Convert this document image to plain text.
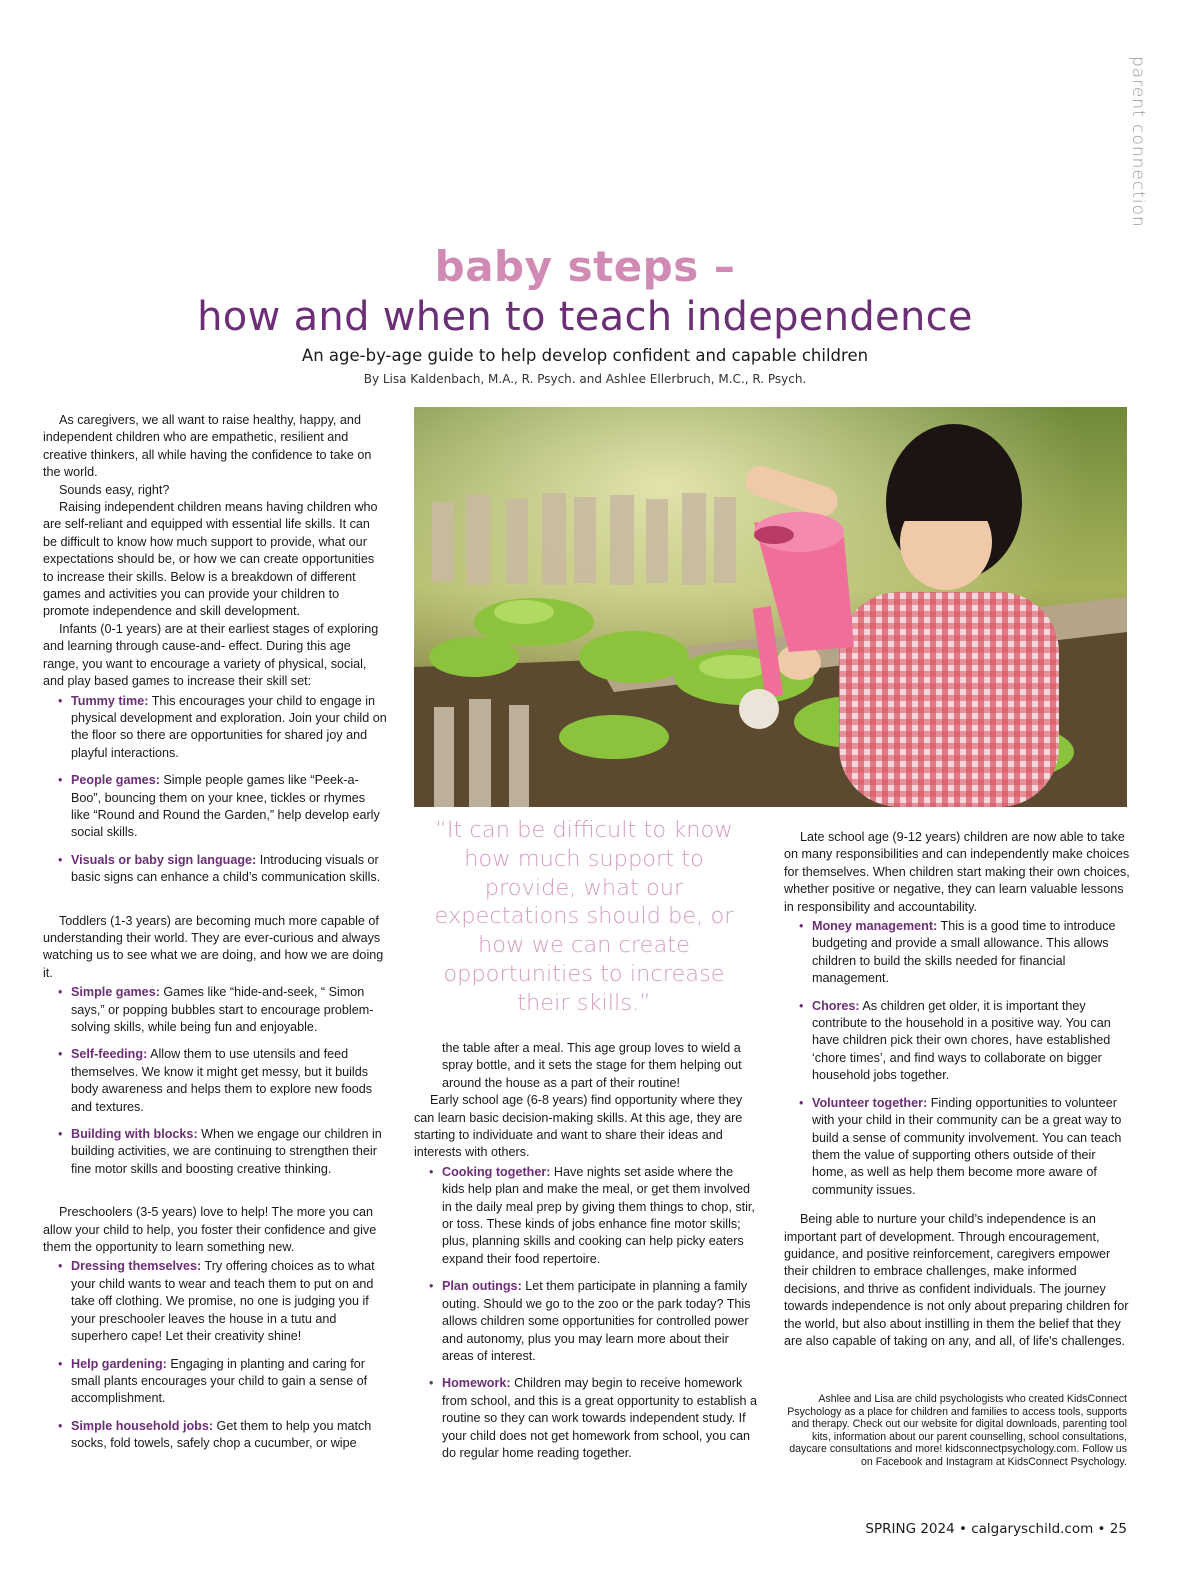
parent connection
baby steps –
how and when to teach independence
An age-by-age guide to help develop confident and capable children
By Lisa Kaldenbach, M.A., R. Psych. and Ashlee Ellerbruch, M.C., R. Psych.

As caregivers, we all want to raise healthy, happy, and independent children who are empathetic, resilient and creative thinkers, all while having the confidence to take on the world.

Sounds easy, right?

Raising independent children means having children who are self-reliant and equipped with essential life skills. It can be difficult to know how much support to provide, what our expectations should be, or how we can create opportunities to increase their skills. Below is a breakdown of different games and activities you can provide your children to promote independence and skill development.

Infants (0-1 years) are at their earliest stages of exploring and learning through cause-and- effect. During this age range, you want to encourage a variety of physical, social, and play based games to increase their skill set:

• Tummy time: This encourages your child to engage in physical development and exploration. Join your child on the floor so there are opportunities for shared joy and playful interactions.
• People games: Simple people games like “Peek-a-Boo”, bouncing them on your knee, tickles or rhymes like “Round and Round the Garden,” help develop early social skills.
• Visuals or baby sign language: Introducing visuals or basic signs can enhance a child’s communication skills.

Toddlers (1-3 years) are becoming much more capable of understanding their world. They are ever-curious and always watching us to see what we are doing, and how we are doing it.

• Simple games: Games like “hide-and-seek, “ Simon says,” or popping bubbles start to encourage problem-solving skills, while being fun and enjoyable.
• Self-feeding: Allow them to use utensils and feed themselves. We know it might get messy, but it builds body awareness and helps them to explore new foods and textures.
• Building with blocks: When we engage our children in building activities, we are continuing to strengthen their fine motor skills and boosting creative thinking.

Preschoolers (3-5 years) love to help! The more you can allow your child to help, you foster their confidence and give them the opportunity to learn something new.

• Dressing themselves: Try offering choices as to what your child wants to wear and teach them to put on and take off clothing. We promise, no one is judging you if your preschooler leaves the house in a tutu and superhero cape! Let their creativity shine!
• Help gardening: Engaging in planting and caring for small plants encourages your child to gain a sense of accomplishment.
• Simple household jobs: Get them to help you match socks, fold towels, safely chop a cucumber, or wipe
“It can be difficult to know how much support to provide, what our expectations should be, or how we can create opportunities to increase their skills.”

the table after a meal. This age group loves to wield a spray bottle, and it sets the stage for them helping out around the house as a part of their routine!

Early school age (6-8 years) find opportunity where they can learn basic decision-making skills. At this age, they are starting to individuate and want to share their ideas and interests with others.

• Cooking together: Have nights set aside where the kids help plan and make the meal, or get them involved in the daily meal prep by giving them things to chop, stir, or toss. These kinds of jobs enhance fine motor skills; plus, planning skills and cooking can help picky eaters expand their food repertoire.
• Plan outings: Let them participate in planning a family outing. Should we go to the zoo or the park today? This allows children some opportunities for controlled power and autonomy, plus you may learn more about their areas of interest.
• Homework: Children may begin to receive homework from school, and this is a great opportunity to establish a routine so they can work towards independent study. If your child does not get homework from school, you can do regular home reading together.

Late school age (9-12 years) children are now able to take on many responsibilities and can independently make choices for themselves. When children start making their own choices, whether positive or negative, they can learn valuable lessons in responsibility and accountability.

• Money management: This is a good time to introduce budgeting and provide a small allowance. This allows children to build the skills needed for financial management.
• Chores: As children get older, it is important they contribute to the household in a positive way. You can have children pick their own chores, have established ‘chore times’, and find ways to collaborate on bigger household jobs together.
• Volunteer together: Finding opportunities to volunteer with your child in their community can be a great way to build a sense of community involvement. You can teach them the value of supporting others outside of their home, as well as help them become more aware of community issues.

Being able to nurture your child’s independence is an important part of development. Through encouragement, guidance, and positive reinforcement, caregivers empower their children to embrace challenges, make informed decisions, and thrive as confident individuals. The journey towards independence is not only about preparing children for the world, but also about instilling in them the belief that they are also capable of taking on any, and all, of life's challenges.

Ashlee and Lisa are child psychologists who created KidsConnect Psychology as a place for children and families to access tools, supports and therapy. Check out our website for digital downloads, parenting tool kits, information about our parent counselling, school consultations, daycare consultations and more! kidsconnectpsychology.com. Follow us on Facebook and Instagram at KidsConnect Psychology.
SPRING 2024 • calgaryschild.com • 25
